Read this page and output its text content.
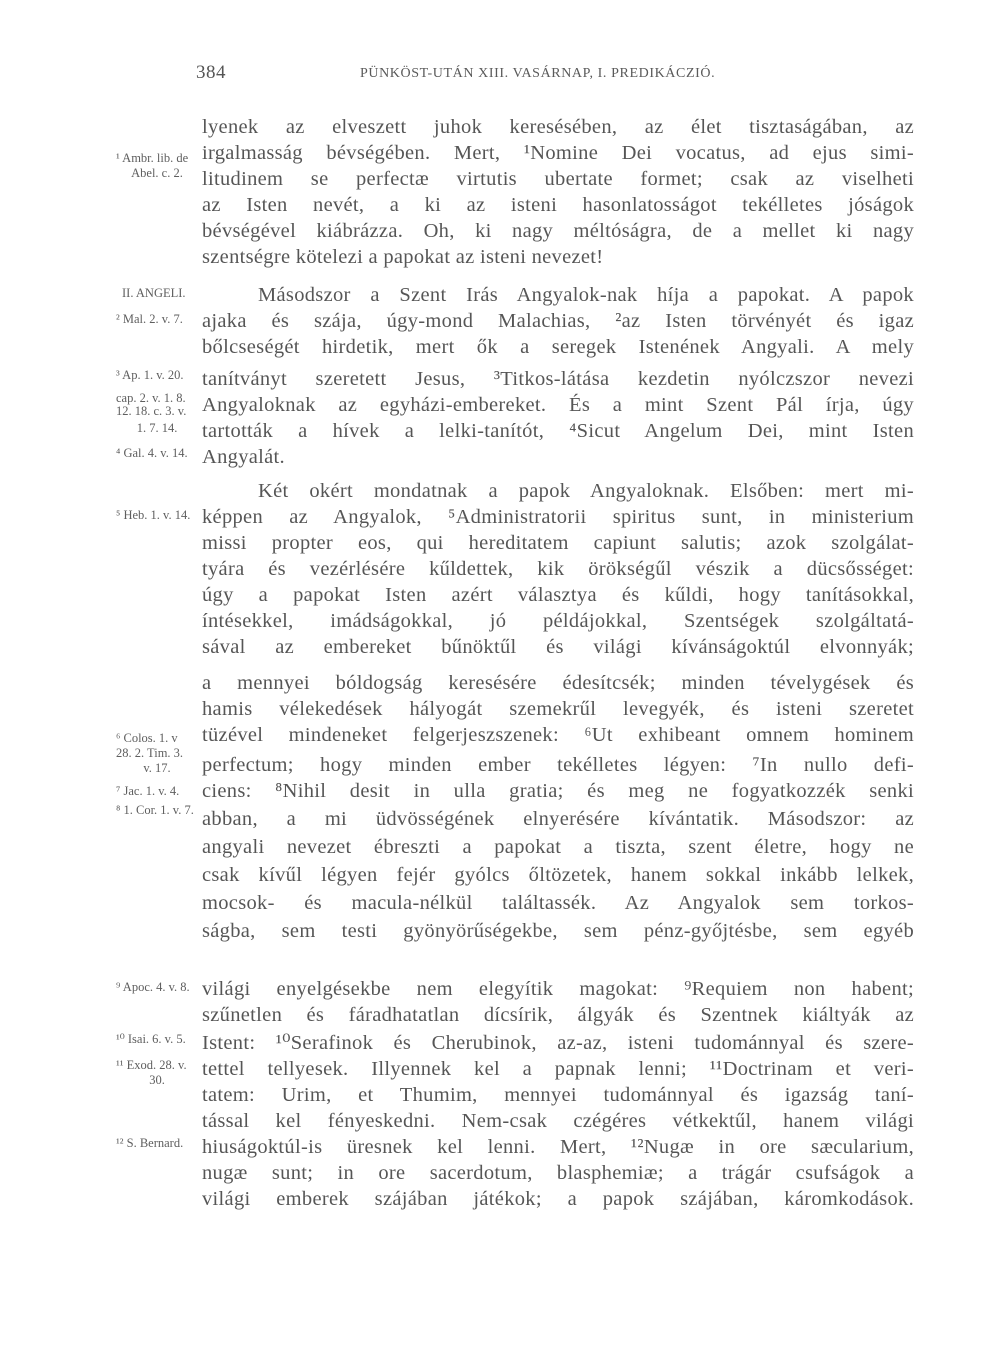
384	PÜNKÖST-UTÁN XIII. VASÁRNAP, I. PREDIKÁCZIÓ.
¹ Ambr. lib. de
Abel. c. 2.
II. ANGELI.
² Mal. 2. v. 7.
³ Ap. 1. v. 20.
cap. 2. v. 1. 8.
12. 18. c. 3. v.
1. 7. 14.
⁴ Gal. 4. v. 14.
⁵ Heb. 1. v. 14.
⁶ Colos. 1. v
28. 2. Tim. 3.
v. 17.
⁷ Jac. 1. v. 4.
⁸ 1. Cor. 1. v. 7.
⁹ Apoc. 4. v. 8.
¹⁰ Isai. 6. v. 5.
¹¹ Exod. 28. v.
30.
¹² S. Bernard.
lyenek az elveszett juhok keresésében, az élet tisztaságában, az
irgalmasság bévségében. Mert, ¹Nomine Dei vocatus, ad ejus simi-
litudinem se perfectæ virtutis ubertate formet; csak az viselheti
az Isten nevét, a ki az isteni hasonlatosságot tekélletes jóságok
bévségével kiábrázza. Oh, ki nagy méltóságra, de a mellet ki nagy
szentségre kötelezi a papokat az isteni nevezet!
Másodszor a Szent Irás Angyalok-nak híja a papokat. A papok
ajaka és szája, úgy-mond Malachias, ²az Isten törvényét és igaz
bőlcseségét hirdetik, mert ők a seregek Istenének Angyali. A mely
tanítványt szeretett Jesus, ³Titkos-látása kezdetin nyólczszor nevezi
Angyaloknak az egyházi-embereket. És a mint Szent Pál írja, úgy
tartották a hívek a lelki-tanítót, ⁴Sicut Angelum Dei, mint Isten
Angyalát.
Két okért mondatnak a papok Angyaloknak. Elsőben: mert mi-
képpen az Angyalok, ⁵Administratorii spiritus sunt, in ministerium
missi propter eos, qui hereditatem capiunt salutis; azok szolgálat-
tyára és vezérlésére kűldettek, kik örökségűl vészik a dücsősséget:
úgy a papokat Isten azért választya és kűldi, hogy tanításokkal,
íntésekkel, imádságokkal, jó példájokkal, Szentségek szolgáltatá-
sával az embereket bűnöktűl és világi kívánságoktúl elvonnyák;
a mennyei bóldogság keresésére édesítcsék; minden tévelygések és
hamis vélekedések hályogát szemekrűl levegyék, és isteni szeretet
tüzével mindeneket felgerjeszszenek: ⁶Ut exhibeant omnem hominem
perfectum; hogy minden ember tekélletes légyen: ⁷In nullo defi-
ciens: ⁸Nihil desit in ulla gratia; és meg ne fogyatkozzék senki
abban, a mi üdvösségének elnyerésére kívántatik. Másodszor: az
angyali nevezet ébreszti a papokat a tiszta, szent életre, hogy ne
csak kívűl légyen fejér gyólcs őltözetek, hanem sokkal inkább lelkek,
mocsok- és macula-nélkül találtassék. Az Angyalok sem torkos-
ságba, sem testi gyönyörűségekbe, sem pénz-győjtésbe, sem egyéb
világi enyelgésekbe nem elegyítik magokat: ⁹Requiem non habent;
szűnetlen és fáradhatatlan dícsírik, álgyák és Szentnek kiáltyák az
Istent: ¹⁰Serafinok és Cherubinok, az-az, isteni tudománnyal és szere-
tettel tellyesek. Illyennek kel a papnak lenni; ¹¹Doctrinam et veri-
tatem: Urim, et Thumim, mennyei tudománnyal és igazság taní-
tással kel fényeskedni. Nem-csak czégéres vétkektűl, hanem világi
hiuságoktúl-is üresnek kel lenni. Mert, ¹²Nugæ in ore sæcularium,
nugæ sunt; in ore sacerdotum, blasphemiæ; a trágár csufságok a
világi emberek szájában játékok; a papok szájában, káromkodások.
